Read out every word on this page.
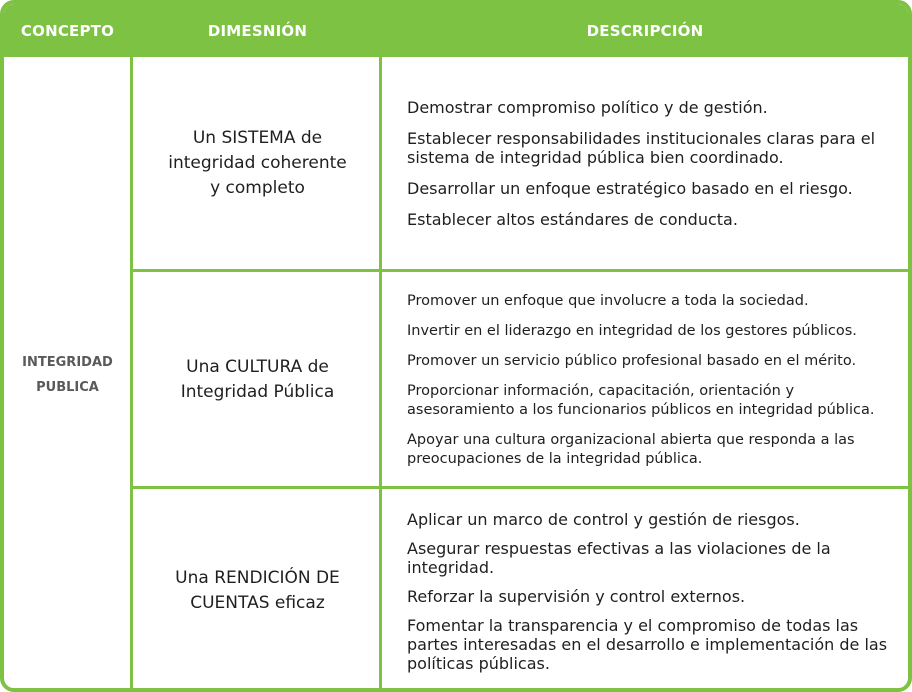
CONCEPTO	DIMESNIÓN	DESCRIPCIÓN
INTEGRIDAD
PUBLICA
Un SISTEMA de
integridad coherente
y completo

Demostrar compromiso político y de gestión.

Establecer responsabilidades institucionales claras para el sistema de integridad pública bien coordinado.

Desarrollar un enfoque estratégico basado en el riesgo.

Establecer altos estándares de conducta.

Una CULTURA de
Integridad Pública

Promover un enfoque que involucre a toda la sociedad.

Invertir en el liderazgo en integridad de los gestores públicos.

Promover un servicio público profesional basado en el mérito.

Proporcionar información, capacitación, orientación y asesoramiento a los funcionarios públicos en integridad pública.

Apoyar una cultura organizacional abierta que responda a las preocupaciones de la integridad pública.

Una RENDICIÓN DE
CUENTAS eficaz

Aplicar un marco de control y gestión de riesgos.

Asegurar respuestas efectivas a las violaciones de la integridad.

Reforzar la supervisión y control externos.

Fomentar la transparencia y el compromiso de todas las partes interesadas en el desarrollo e implementación de las políticas públicas.
